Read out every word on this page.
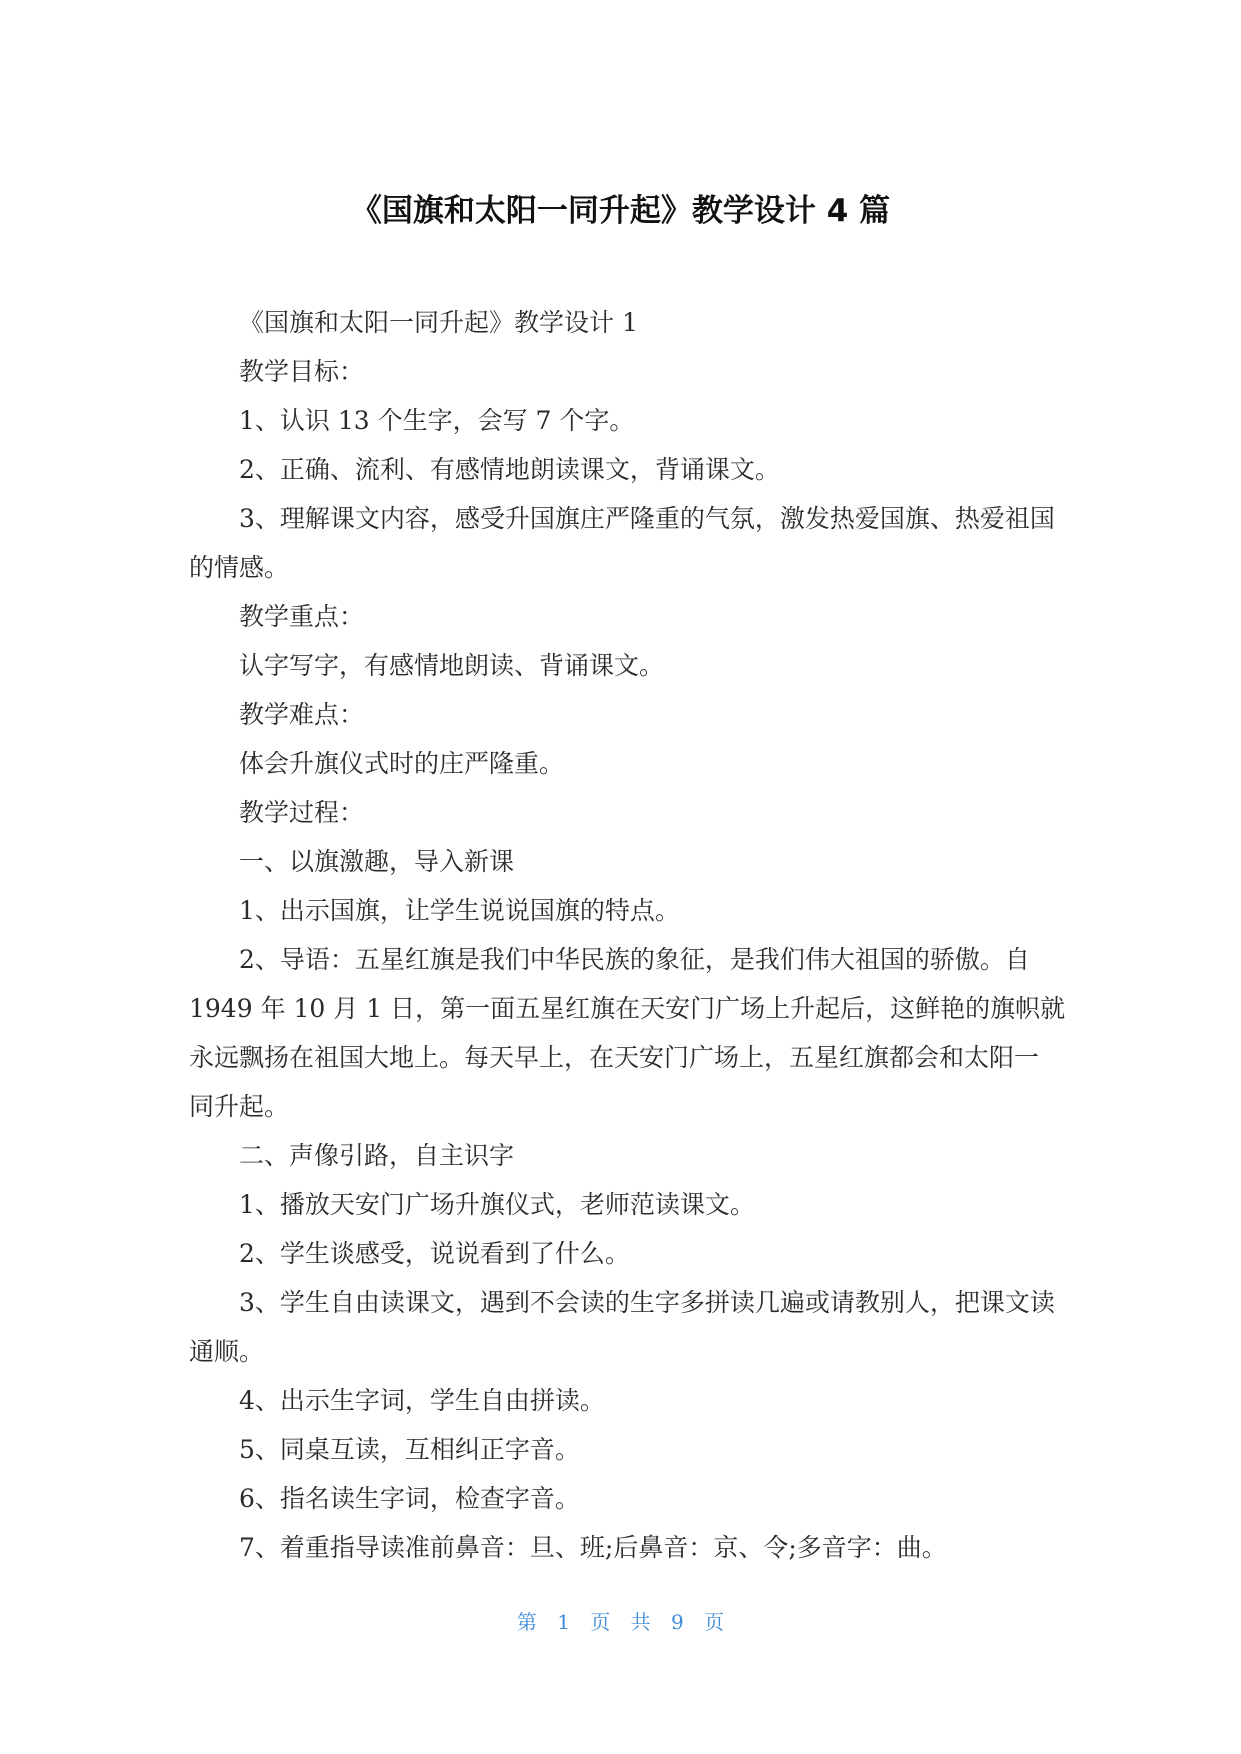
《国旗和太阳一同升起》教学设计 4 篇
《国旗和太阳一同升起》教学设计 1
教学目标：
1、认识 13 个生字，会写 7 个字。
2、正确、流利、有感情地朗读课文，背诵课文。
3、理解课文内容，感受升国旗庄严隆重的气氛，激发热爱国旗、热爱祖国
的情感。
教学重点：
认字写字，有感情地朗读、背诵课文。
教学难点：
体会升旗仪式时的庄严隆重。
教学过程：
一、以旗激趣，导入新课
1、出示国旗，让学生说说国旗的特点。
2、导语：五星红旗是我们中华民族的象征，是我们伟大祖国的骄傲。自
1949 年 10 月 1 日，第一面五星红旗在天安门广场上升起后，这鲜艳的旗帜就
永远飘扬在祖国大地上。每天早上，在天安门广场上，五星红旗都会和太阳一
同升起。
二、声像引路，自主识字
1、播放天安门广场升旗仪式，老师范读课文。
2、学生谈感受，说说看到了什么。
3、学生自由读课文，遇到不会读的生字多拼读几遍或请教别人，把课文读
通顺。
4、出示生字词，学生自由拼读。
5、同桌互读，互相纠正字音。
6、指名读生字词，检查字音。
7、着重指导读准前鼻音：旦、班;后鼻音：京、令;多音字：曲。
第 1 页 共 9 页
